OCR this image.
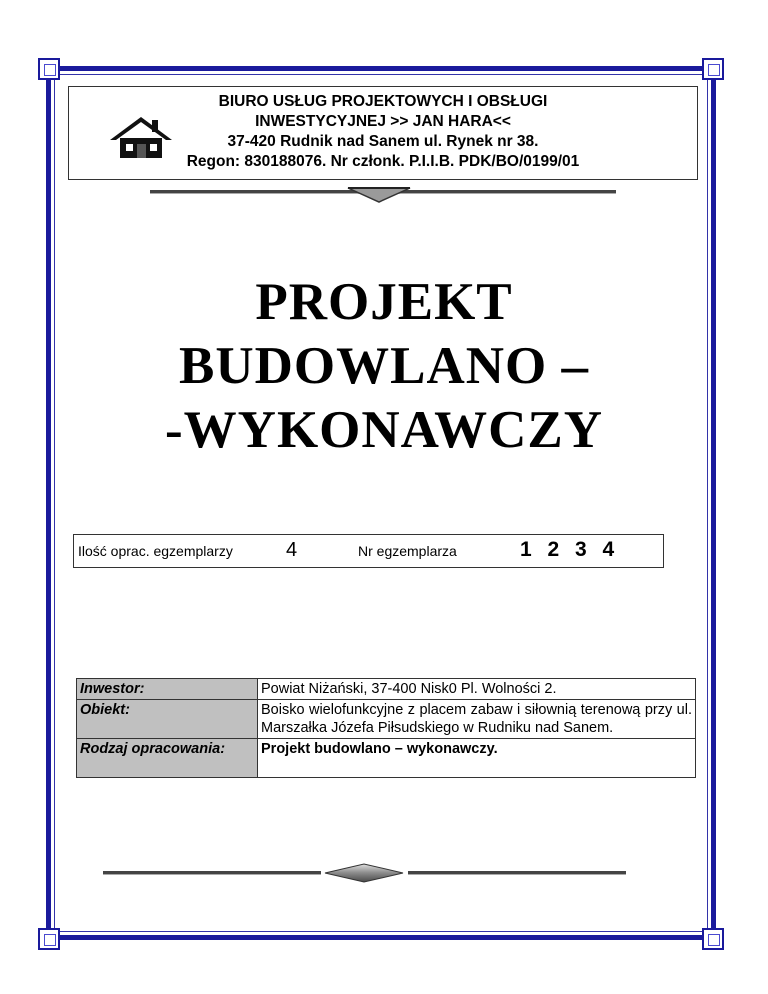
BIURO USŁUG PROJEKTOWYCH I OBSŁUGI
INWESTYCYJNEJ >> JAN HARA<<
37-420 Rudnik nad Sanem ul. Rynek nr 38.
Regon: 830188076. Nr członk. P.I.I.B. PDK/BO/0199/01
PROJEKT
BUDOWLANO –
-WYKONAWCZY
Ilość oprac. egzemplarzy	4	Nr egzemplarza	1 2 3 4
Inwestor:	Powiat Niżański, 37-400 Nisk0 Pl. Wolności 2.
Obiekt:	Boisko wielofunkcyjne z placem zabaw i siłownią terenową przy ul. Marszałka Józefa Piłsudskiego w Rudniku nad Sanem.
Rodzaj opracowania:	Projekt budowlano – wykonawczy.
